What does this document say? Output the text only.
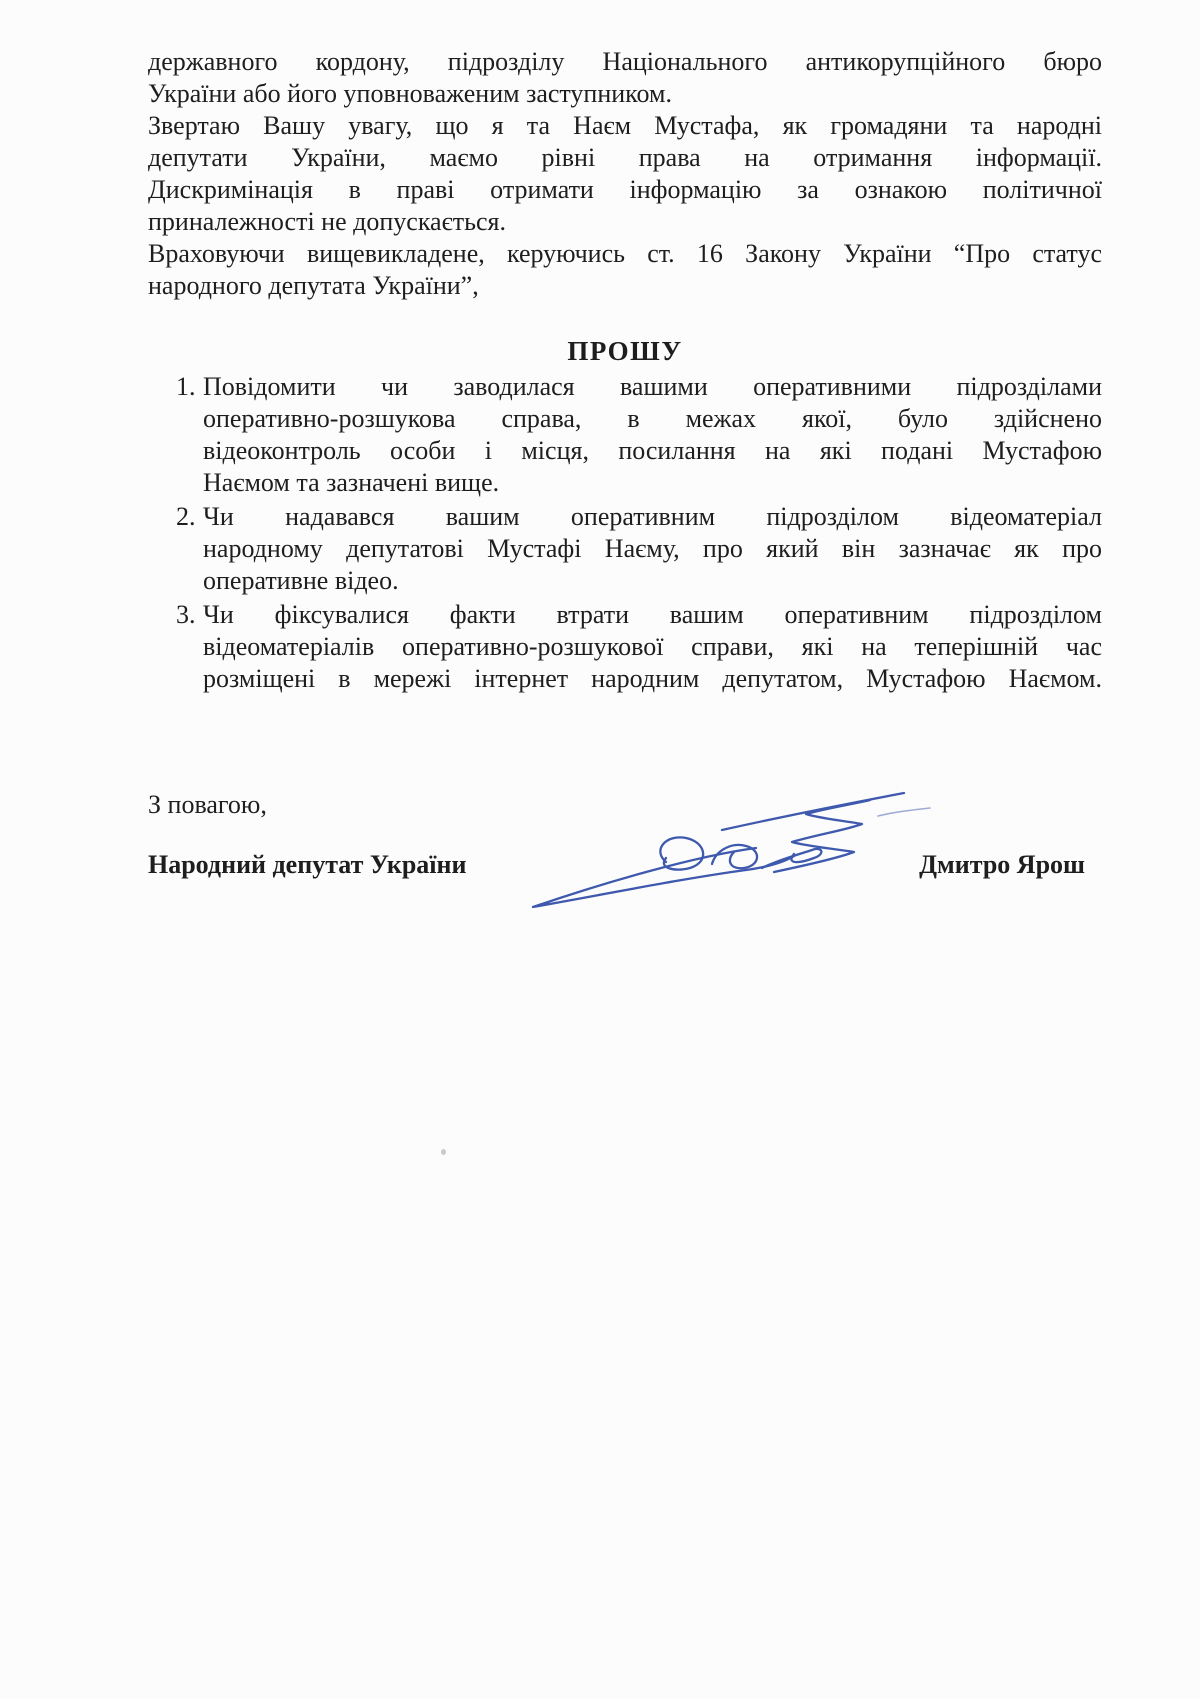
державного кордону, підрозділу Національного антикорупційного бюро
України або його уповноваженим заступником.
Звертаю Вашу увагу, що я та Наєм Мустафа, як громадяни та народні
депутати України, маємо рівні права на отримання інформації.
Дискримінація в праві отримати інформацію за ознакою політичної
приналежності не допускається.
Враховуючи вищевикладене, керуючись ст. 16 Закону України “Про статус
народного депутата України”,
ПРОШУ
1. Повідомити чи заводилася вашими оперативними підрозділами
оперативно-розшукова справа, в межах якої, було здійснено
відеоконтроль особи і місця, посилання на які подані Мустафою
Наємом та зазначені вище.
2. Чи надавався вашим оперативним підрозділом відеоматеріал
народному депутатові Мустафі Наєму, про який він зазначає як про
оперативне відео.
3. Чи фіксувалися факти втрати вашим оперативним підрозділом
відеоматеріалів оперативно-розшукової справи, які на теперішній час
розміщені в мережі інтернет народним депутатом, Мустафою Наємом.
З повагою,
Народний депутат України	Дмитро Ярош
